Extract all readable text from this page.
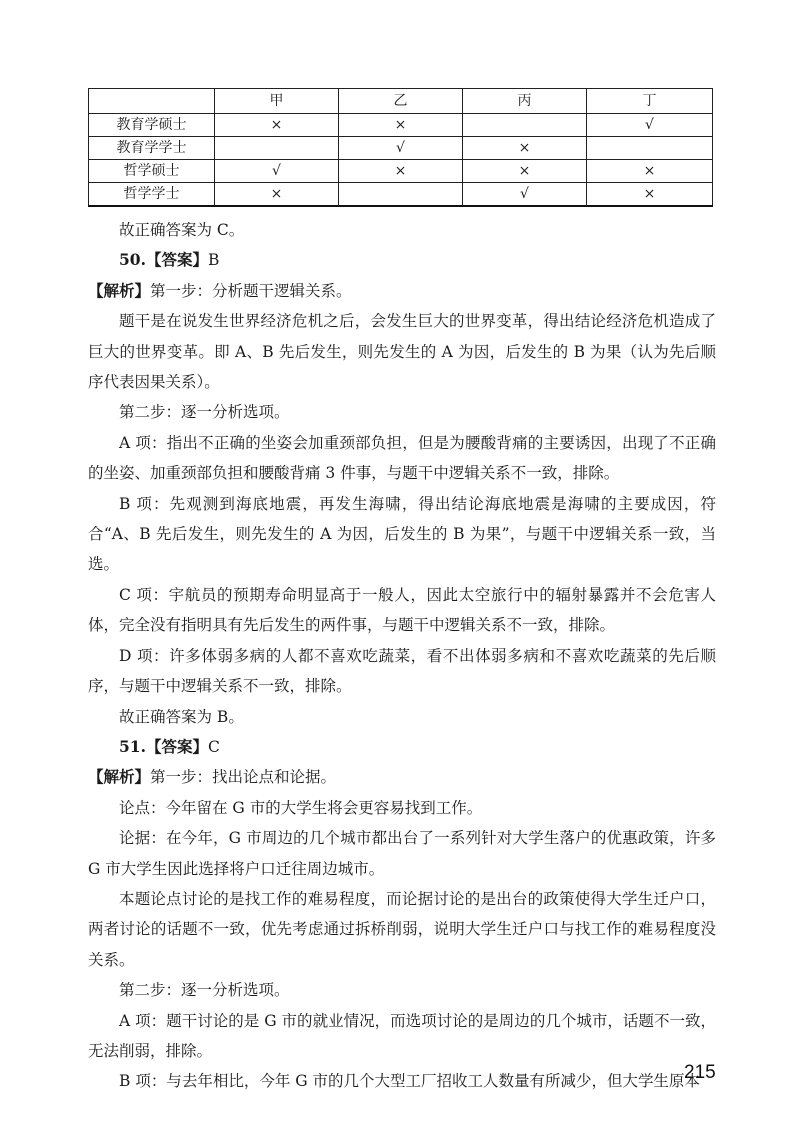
	甲	乙	丙	丁
教育学硕士	×	×		√
教育学学士		√	×	
哲学硕士	√	×	×	×
哲学学士	×		√	×

故正确答案为 C。

50.【答案】B

【解析】第一步：分析题干逻辑关系。

题干是在说发生世界经济危机之后，会发生巨大的世界变革，得出结论经济危机造成了巨大的世界变革。即 A、B 先后发生，则先发生的 A 为因，后发生的 B 为果（认为先后顺序代表因果关系）。

第二步：逐一分析选项。

A 项：指出不正确的坐姿会加重颈部负担，但是为腰酸背痛的主要诱因，出现了不正确的坐姿、加重颈部负担和腰酸背痛 3 件事，与题干中逻辑关系不一致，排除。

B 项：先观测到海底地震，再发生海啸，得出结论海底地震是海啸的主要成因，符合“A、B 先后发生，则先发生的 A 为因，后发生的 B 为果”，与题干中逻辑关系一致，当选。

C 项：宇航员的预期寿命明显高于一般人，因此太空旅行中的辐射暴露并不会危害人体，完全没有指明具有先后发生的两件事，与题干中逻辑关系不一致，排除。

D 项：许多体弱多病的人都不喜欢吃蔬菜，看不出体弱多病和不喜欢吃蔬菜的先后顺序，与题干中逻辑关系不一致，排除。

故正确答案为 B。

51.【答案】C

【解析】第一步：找出论点和论据。

论点：今年留在 G 市的大学生将会更容易找到工作。

论据：在今年，G 市周边的几个城市都出台了一系列针对大学生落户的优惠政策，许多 G 市大学生因此选择将户口迁往周边城市。

本题论点讨论的是找工作的难易程度，而论据讨论的是出台的政策使得大学生迁户口，两者讨论的话题不一致，优先考虑通过拆桥削弱，说明大学生迁户口与找工作的难易程度没关系。

第二步：逐一分析选项。

A 项：题干讨论的是 G 市的就业情况，而选项讨论的是周边的几个城市，话题不一致，无法削弱，排除。

B 项：与去年相比，今年 G 市的几个大型工厂招收工人数量有所减少，但大学生原本

215
